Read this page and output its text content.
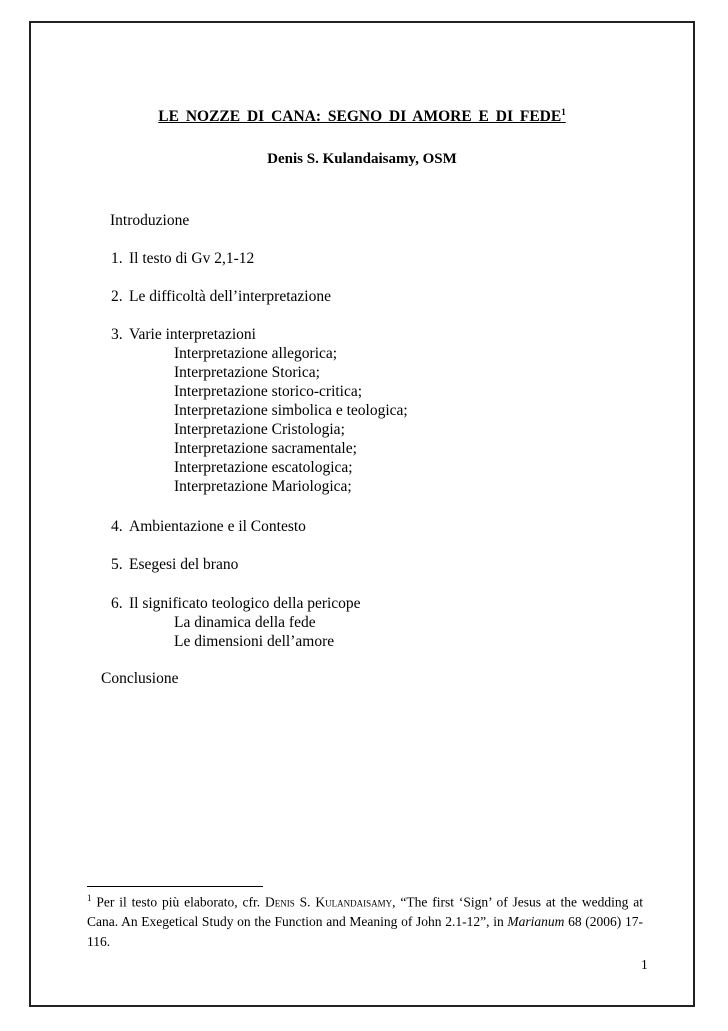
LE NOZZE DI CANA: SEGNO DI AMORE E DI FEDE$^1$
Denis S. Kulandaisamy, OSM
Introduzione
1. Il testo di Gv 2,1-12
2. Le difficoltà dell’interpretazione
3. Varie interpretazioni
Interpretazione allegorica;
Interpretazione Storica;
Interpretazione storico-critica;
Interpretazione simbolica e teologica;
Interpretazione Cristologia;
Interpretazione sacramentale;
Interpretazione escatologica;
Interpretazione Mariologica;
4. Ambientazione e il Contesto
5. Esegesi del brano
6. Il significato teologico della pericope
La dinamica della fede
Le dimensioni dell’amore
Conclusione
$^1$ Per il testo più elaborato, cfr. Denis S. Kulandaisamy, “The first ‘Sign’ of Jesus at the wedding at Cana. An Exegetical Study on the Function and Meaning of John 2.1-12”, in Marianum 68 (2006) 17-116.
1
